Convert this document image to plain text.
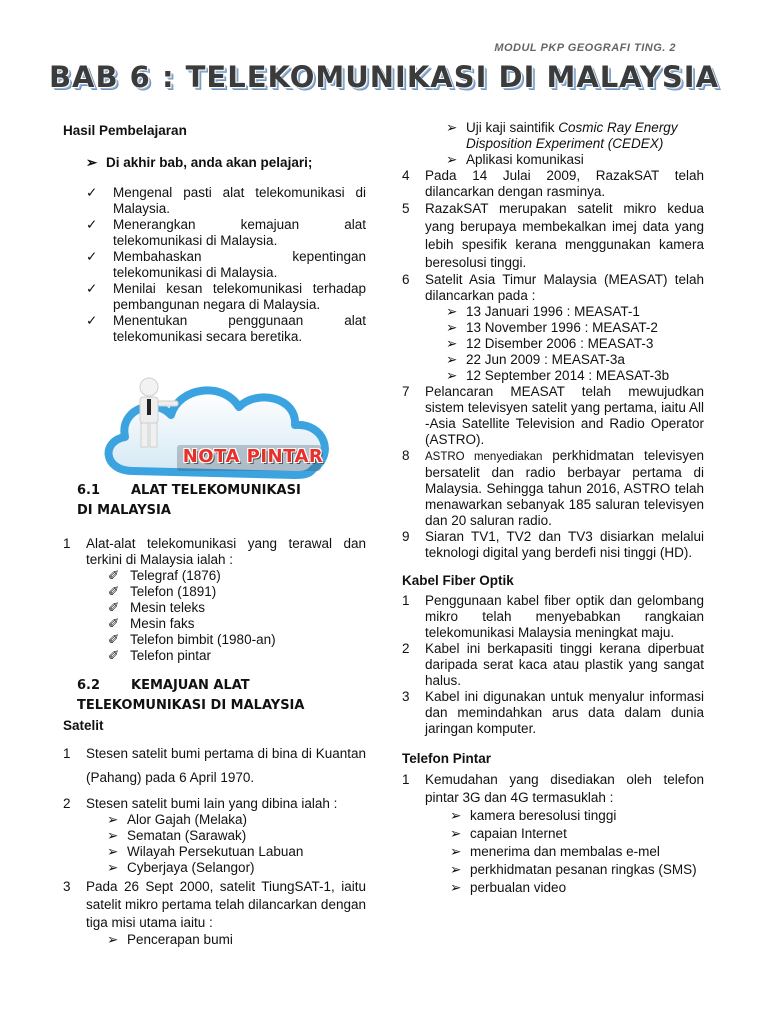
MODUL PKP GEOGRAFI TING. 2
BAB 6 : TELEKOMUNIKASI DI MALAYSIA
Hasil Pembelajaran
➢ Di akhir bab, anda akan pelajari;
✓	Mengenal pasti alat telekomunikasi di Malaysia.
✓	Menerangkan kemajuan alat telekomunikasi di Malaysia.
✓	Membahaskan kepentingan telekomunikasi di Malaysia.
✓	Menilai kesan telekomunikasi terhadap pembangunan negara di Malaysia.
✓	Menentukan penggunaan alat telekomunikasi secara beretika.
NOTA PINTAR
6.1	ALAT TELEKOMUNIKASI
DI MALAYSIA
1	Alat-alat telekomunikasi yang terawal dan terkini di Malaysia ialah :
✐ Telegraf (1876)
✐ Telefon (1891)
✐ Mesin teleks
✐ Mesin faks
✐ Telefon bimbit (1980-an)
✐ Telefon pintar
6.2	KEMAJUAN ALAT
TELEKOMUNIKASI DI MALAYSIA
Satelit
1	Stesen satelit bumi pertama di bina di Kuantan (Pahang) pada 6 April 1970.
2	Stesen satelit bumi lain yang dibina ialah :
➢ Alor Gajah (Melaka)
➢ Sematan (Sarawak)
➢ Wilayah Persekutuan Labuan
➢ Cyberjaya (Selangor)
3	Pada 26 Sept 2000, satelit TiungSAT-1, iaitu satelit mikro pertama telah dilancarkan dengan tiga misi utama iaitu :
➢ Pencerapan bumi
➢ Uji kaji saintifik Cosmic Ray Energy Disposition Experiment (CEDEX)
➢ Aplikasi komunikasi
4	Pada 14 Julai 2009, RazakSAT telah dilancarkan dengan rasminya.
5	RazakSAT merupakan satelit mikro kedua yang berupaya membekalkan imej data yang lebih spesifik kerana menggunakan kamera beresolusi tinggi.
6	Satelit Asia Timur Malaysia (MEASAT) telah dilancarkan pada :
➢ 13 Januari 1996 : MEASAT-1
➢ 13 November 1996 : MEASAT-2
➢ 12 Disember 2006 : MEASAT-3
➢ 22 Jun 2009 : MEASAT-3a
➢ 12 September 2014 : MEASAT-3b
7	Pelancaran MEASAT telah mewujudkan sistem televisyen satelit yang pertama, iaitu All -Asia Satellite Television and Radio Operator (ASTRO).
8	ASTRO menyediakan perkhidmatan televisyen bersatelit dan radio berbayar pertama di Malaysia. Sehingga tahun 2016, ASTRO telah menawarkan sebanyak 185 saluran televisyen dan 20 saluran radio.
9	Siaran TV1, TV2 dan TV3 disiarkan melalui teknologi digital yang berdefi nisi tinggi (HD).
Kabel Fiber Optik
1	Penggunaan kabel fiber optik dan gelombang mikro telah menyebabkan rangkaian telekomunikasi Malaysia meningkat maju.
2	Kabel ini berkapasiti tinggi kerana diperbuat daripada serat kaca atau plastik yang sangat halus.
3	Kabel ini digunakan untuk menyalur informasi dan memindahkan arus data dalam dunia jaringan komputer.
Telefon Pintar
1	Kemudahan yang disediakan oleh telefon pintar 3G dan 4G termasuklah :
➢ kamera beresolusi tinggi
➢ capaian Internet
➢ menerima dan membalas e-mel
➢ perkhidmatan pesanan ringkas (SMS)
➢ perbualan video
